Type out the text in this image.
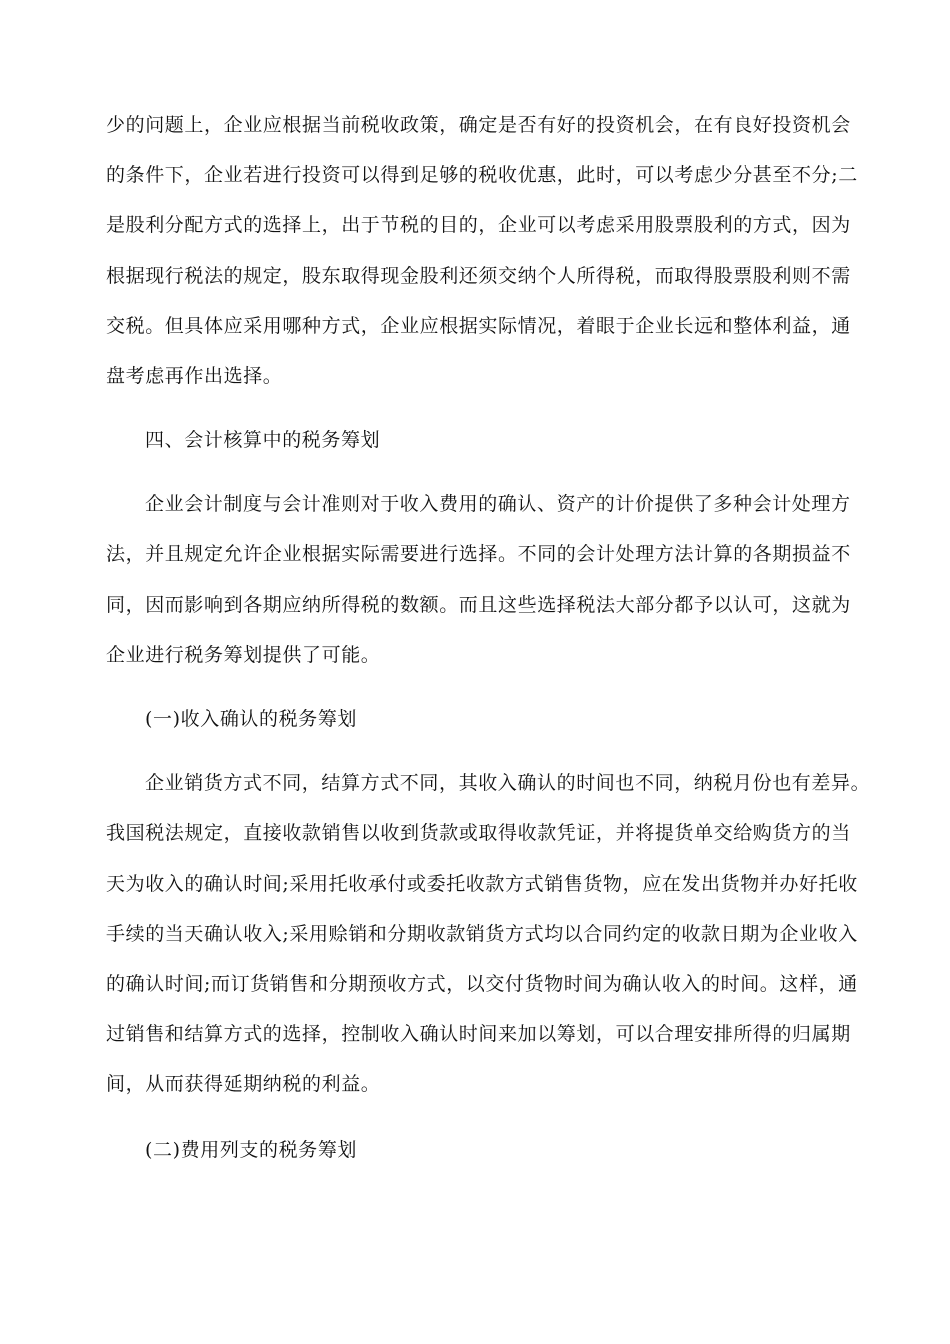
少的问题上，企业应根据当前税收政策，确定是否有好的投资机会，在有良好投资机会
的条件下，企业若进行投资可以得到足够的税收优惠，此时，可以考虑少分甚至不分;二
是股利分配方式的选择上，出于节税的目的，企业可以考虑采用股票股利的方式，因为
根据现行税法的规定，股东取得现金股利还须交纳个人所得税，而取得股票股利则不需
交税。但具体应采用哪种方式，企业应根据实际情况，着眼于企业长远和整体利益，通
盘考虑再作出选择。
四、会计核算中的税务筹划
企业会计制度与会计准则对于收入费用的确认、资产的计价提供了多种会计处理方
法，并且规定允许企业根据实际需要进行选择。不同的会计处理方法计算的各期损益不
同，因而影响到各期应纳所得税的数额。而且这些选择税法大部分都予以认可，这就为
企业进行税务筹划提供了可能。
(一)收入确认的税务筹划
企业销货方式不同，结算方式不同，其收入确认的时间也不同，纳税月份也有差异。
我国税法规定，直接收款销售以收到货款或取得收款凭证，并将提货单交给购货方的当
天为收入的确认时间;采用托收承付或委托收款方式销售货物，应在发出货物并办好托收
手续的当天确认收入;采用赊销和分期收款销货方式均以合同约定的收款日期为企业收入
的确认时间;而订货销售和分期预收方式，以交付货物时间为确认收入的时间。这样，通
过销售和结算方式的选择，控制收入确认时间来加以筹划，可以合理安排所得的归属期
间，从而获得延期纳税的利益。
(二)费用列支的税务筹划
